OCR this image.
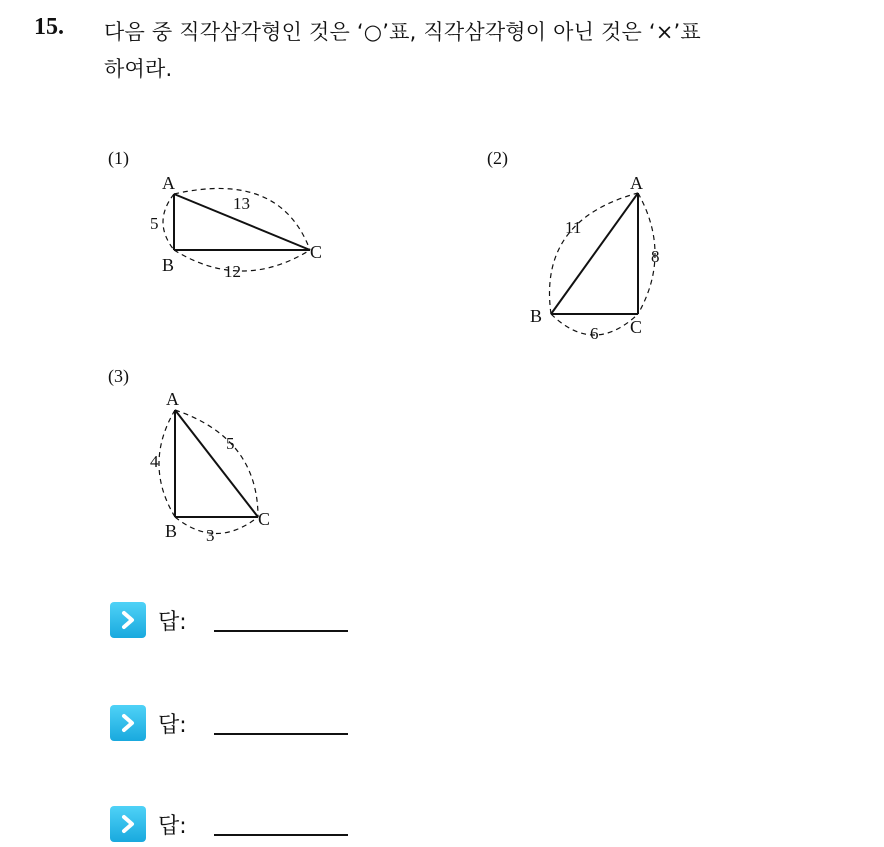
15. 다음 중 직각삼각형인 것은 ‘○’표, 직각삼각형이 아닌 것은 ‘×’표
하여라.
(1)	(2)
(3)
A
B
C
5
13
12
A
B
C
11
8
6
A
B
C
4
5
3
답:
답:
답:
